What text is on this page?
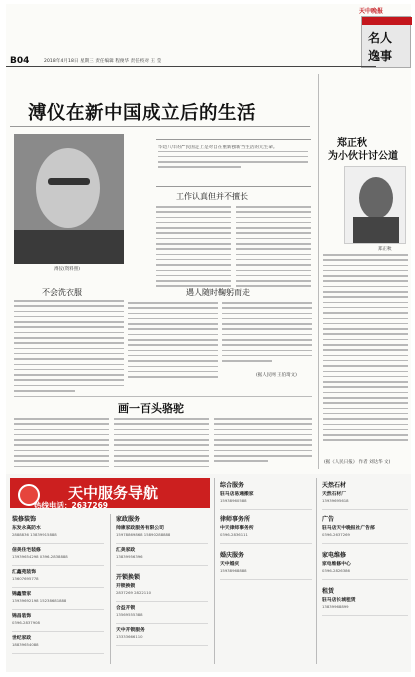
B04	2018年4月18日 星期三 责任编辑 程俊华 责任校对 王 莹
天中晚报
名人
逸事
溥仪在新中国成立后的生活
溥仪(资料照)
毕迅八年的严民国走上是对自在重新独新当生活的元生命。
工作认真但并不擅长
不会洗衣服	遇人随时鞠躬而走
(据人民网 王伯琦文)
画一百头骆驼
郑正秋
为小伙计讨公道
郑正秋
(据《人民日报》 作者 刘达华 文)
天中服务导航
热线电话：2637269
装修装饰
东发永高防水
2888836 13839915888
信美住宅装修
13939654298 0396-2838888
汇鑫苑装饰
13607695778
锦鑫管家
13939692198 15238681888
锦昌装饰
0396-2837908
世纪家政
18839654088
家政服务
帅康家政服务有限公司
15978869868 15890288888
汇美家政
13839956396
开锁换锁
开锁换锁
2837269 2822110
合益开锁
13569555388
天中开锁服务
13333666110
综合服务
驻马店易通搬家
15938960588
律师事务所
中天律师事务所
0396-2836111
婚庆服务
天中婚庆
15938968888
天然石材
天然石材厂
13939695618
广告
驻马店天中晚报社广告部
0396-2637269
家电维修
家电维修中心
0396-2826386
租赁
驻马店长城租赁
13839968899
